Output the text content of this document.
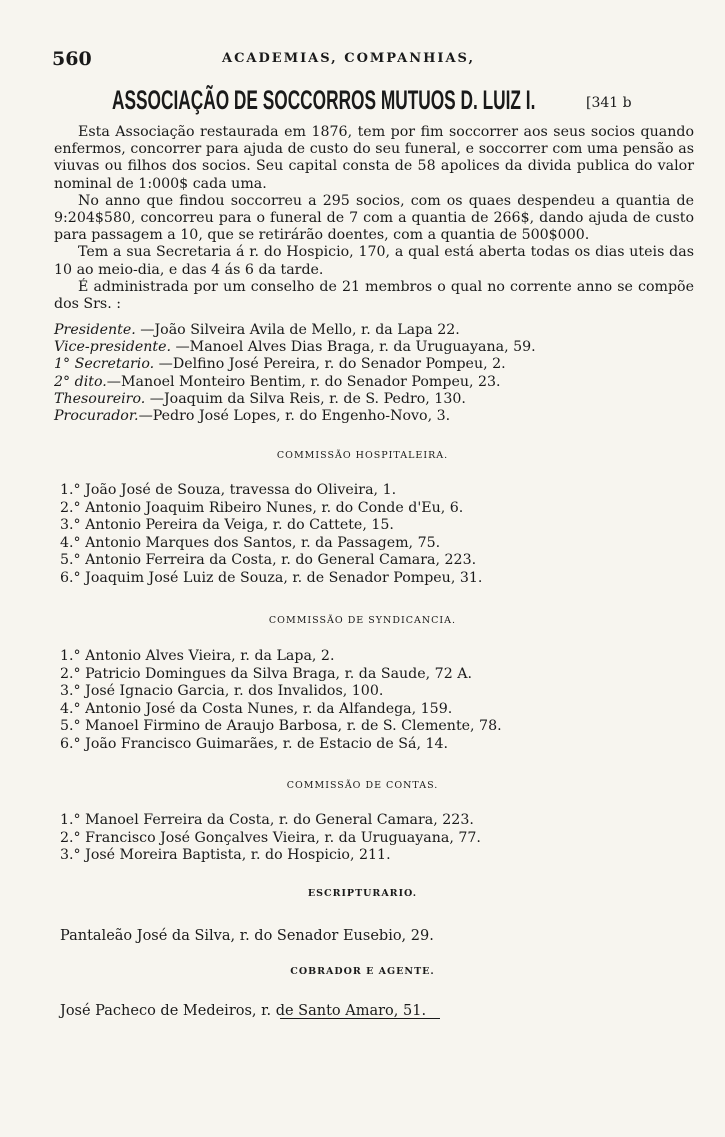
560	ACADEMIAS, COMPANHIAS,
ASSOCIAÇÃO DE SOCCORROS MUTUOS D. LUIZ I.	[341 b

Esta Associação restaurada em 1876, tem por fim soccorrer aos seus socios quando enfermos, concorrer para ajuda de custo do seu funeral, e soccorrer com uma pensão as viuvas ou filhos dos socios. Seu capital consta de 58 apolices da divida publica do valor nominal de 1:000$ cada uma.

No anno que findou soccorreu a 295 socios, com os quaes despendeu a quantia de 9:204$580, concorreu para o funeral de 7 com a quantia de 266$, dando ajuda de custo para passagem a 10, que se retirárão doentes, com a quantia de 500$000.

Tem a sua Secretaria á r. do Hospicio, 170, a qual está aberta todas os dias uteis das 10 ao meio-dia, e das 4 ás 6 da tarde.

É administrada por um conselho de 21 membros o qual no corrente anno se compõe dos Srs. :

Presidente. —João Silveira Avila de Mello, r. da Lapa 22.
Vice-presidente. —Manoel Alves Dias Braga, r. da Uruguayana, 59.
1° Secretario. —Delfino José Pereira, r. do Senador Pompeu, 2.
2° dito.—Manoel Monteiro Bentim, r. do Senador Pompeu, 23.
Thesoureiro. —Joaquim da Silva Reis, r. de S. Pedro, 130.
Procurador.—Pedro José Lopes, r. do Engenho-Novo, 3.
COMMISSÃO HOSPITALEIRA.
1.° João José de Souza, travessa do Oliveira, 1.
2.° Antonio Joaquim Ribeiro Nunes, r. do Conde d'Eu, 6.
3.° Antonio Pereira da Veiga, r. do Cattete, 15.
4.° Antonio Marques dos Santos, r. da Passagem, 75.
5.° Antonio Ferreira da Costa, r. do General Camara, 223.
6.° Joaquim José Luiz de Souza, r. de Senador Pompeu, 31.
COMMISSÃO DE SYNDICANCIA.
1.° Antonio Alves Vieira, r. da Lapa, 2.
2.° Patricio Domingues da Silva Braga, r. da Saude, 72 A.
3.° José Ignacio Garcia, r. dos Invalidos, 100.
4.° Antonio José da Costa Nunes, r. da Alfandega, 159.
5.° Manoel Firmino de Araujo Barbosa, r. de S. Clemente, 78.
6.° João Francisco Guimarães, r. de Estacio de Sá, 14.
COMMISSÃO DE CONTAS.
1.° Manoel Ferreira da Costa, r. do General Camara, 223.
2.° Francisco José Gonçalves Vieira, r. da Uruguayana, 77.
3.° José Moreira Baptista, r. do Hospicio, 211.
ESCRIPTURARIO.
Pantaleão José da Silva, r. do Senador Eusebio, 29.
COBRADOR E AGENTE.
José Pacheco de Medeiros, r. de Santo Amaro, 51.
